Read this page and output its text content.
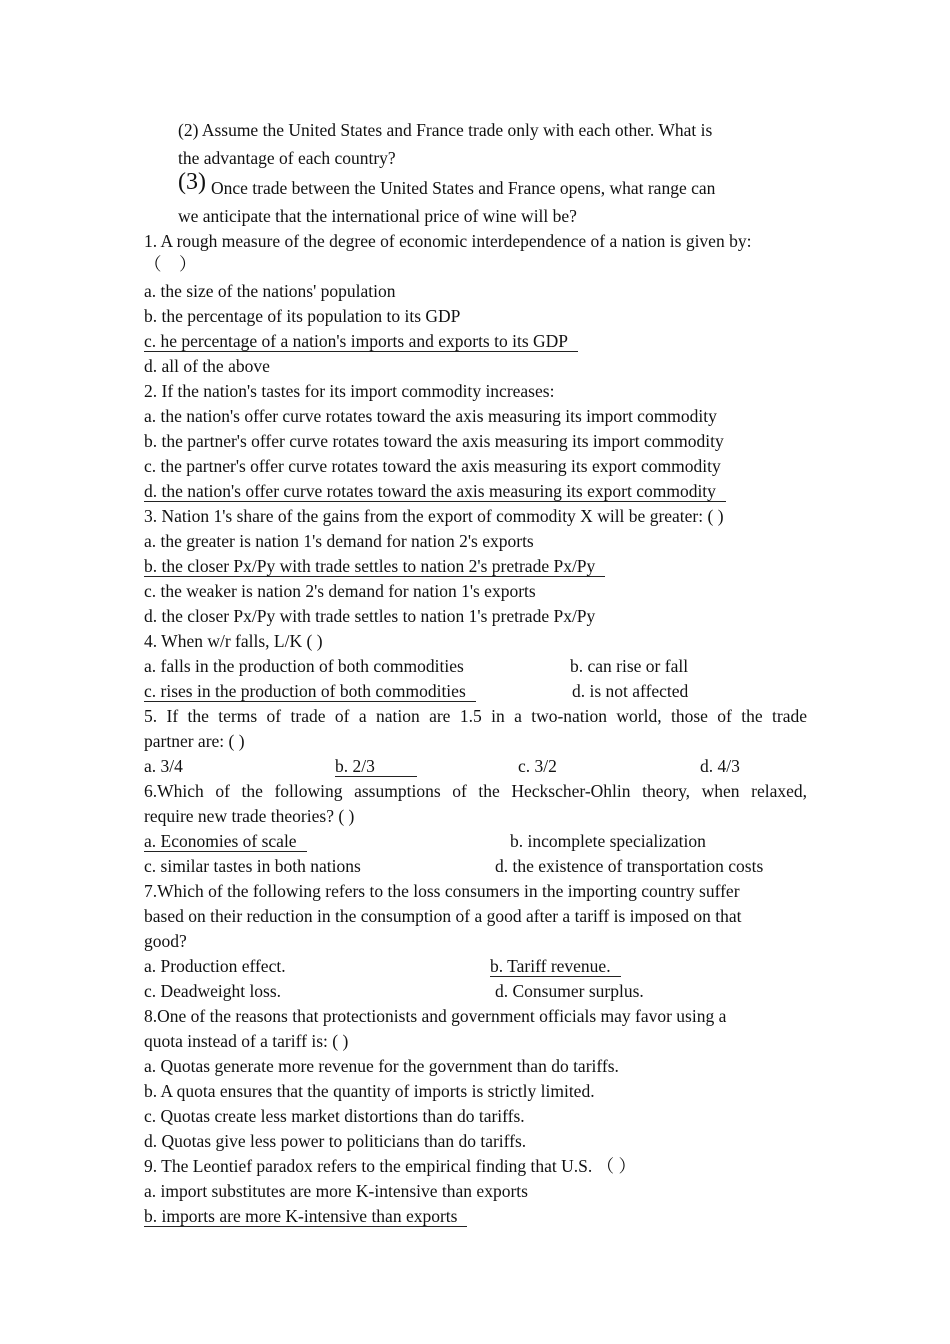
(2) Assume the United States and France trade only with each other. What is
the advantage of each country?
(3) Once trade between the United States and France opens, what range can
we anticipate that the international price of wine will be?
1. A rough measure of the degree of economic interdependence of a nation is given by:
（　）
a. the size of the nations' population
b. the percentage of its population to its GDP
c. he percentage of a nation's imports and exports to its GDP
d. all of the above
2. If the nation's tastes for its import commodity increases:
a. the nation's offer curve rotates toward the axis measuring its import commodity
b. the partner's offer curve rotates toward the axis measuring its import commodity
c. the partner's offer curve rotates toward the axis measuring its export commodity
d. the nation's offer curve rotates toward the axis measuring its export commodity
3. Nation 1's share of the gains from the export of commodity X will be greater: ( )
a. the greater is nation 1's demand for nation 2's exports
b. the closer Px/Py with trade settles to nation 2's pretrade Px/Py
c. the weaker is nation 2's demand for nation 1's exports
d. the closer Px/Py with trade settles to nation 1's pretrade Px/Py
4. When w/r falls, L/K ( )
a. falls in the production of both commodities	b. can rise or fall
c. rises in the production of both commodities	d. is not affected
5. If the terms of trade of a nation are 1.5 in a two-nation world, those of the trade
partner are: ( )
a. 3/4	b. 2/3	c. 3/2	d. 4/3
6.Which of the following assumptions of the Heckscher-Ohlin theory, when relaxed,
require new trade theories? ( )
a. Economies of scale	b. incomplete specialization
c. similar tastes in both nations	d. the existence of transportation costs
7.Which of the following refers to the loss consumers in the importing country suffer
based on their reduction in the consumption of a good after a tariff is imposed on that
good?
a. Production effect.	b. Tariff revenue.
c. Deadweight loss.	d. Consumer surplus.
8.One of the reasons that protectionists and government officials may favor using a
quota instead of a tariff is: ( )
a. Quotas generate more revenue for the government than do tariffs.
b. A quota ensures that the quantity of imports is strictly limited.
c. Quotas create less market distortions than do tariffs.
d. Quotas give less power to politicians than do tariffs.
9. The Leontief paradox refers to the empirical finding that U.S. （ ）
a. import substitutes are more K-intensive than exports
b. imports are more K-intensive than exports
